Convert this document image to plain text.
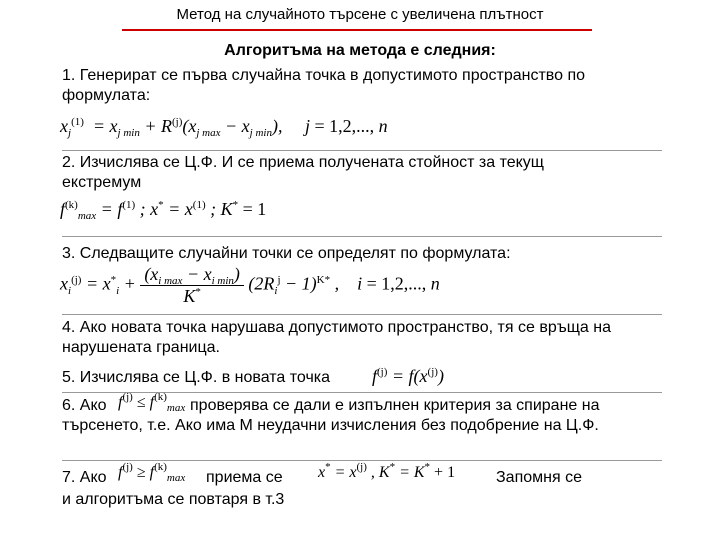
Метод на случайното търсене с увеличена плътност
Алгоритъма на метода е следния:
1. Генерират се първа случайна точка в допустимото пространство по формулата:
$x_j^{(1)} = x_{j min} + R^{(j)}(x_{j max} - x_{j min})$,     j = 1,2,..., n
2. Изчислява се Ц.Ф. И се приема получената стойност за текущ екстремум
$f^{(k)}_{max} = f^{(1)}$ ; $x^* = x^{(1)}$ ; K* = 1
3. Следващите случайни точки се определят по формулата:
$x_i^{(j)} = x^*_i + \frac{(x_{i max} - x_{i min})}{K^*} (2R_i^j - 1)^{K*}$ ,    i = 1,2,..., n
4. Ако новата точка нарушава допустимото пространство, тя се връща на нарушената граница.
5. Изчислява се Ц.Ф. в новата точка	$f^{(j)} = f(x^{(j)})$
6. Ако $f^{(j)} \le f^{(k)}_{max}$ проверява се дали е изпълнен критерия за спиране на търсенето, т.е. Ако има М неудачни изчисления без подобрение на Ц.Ф.
7. Ако $f^{(j)} \ge f^{(k)}_{max}$ приема се	$x^* = x^{(j)}$ , K* = K* + 1	Запомня се
и алгоритъма се повтаря в т.3
